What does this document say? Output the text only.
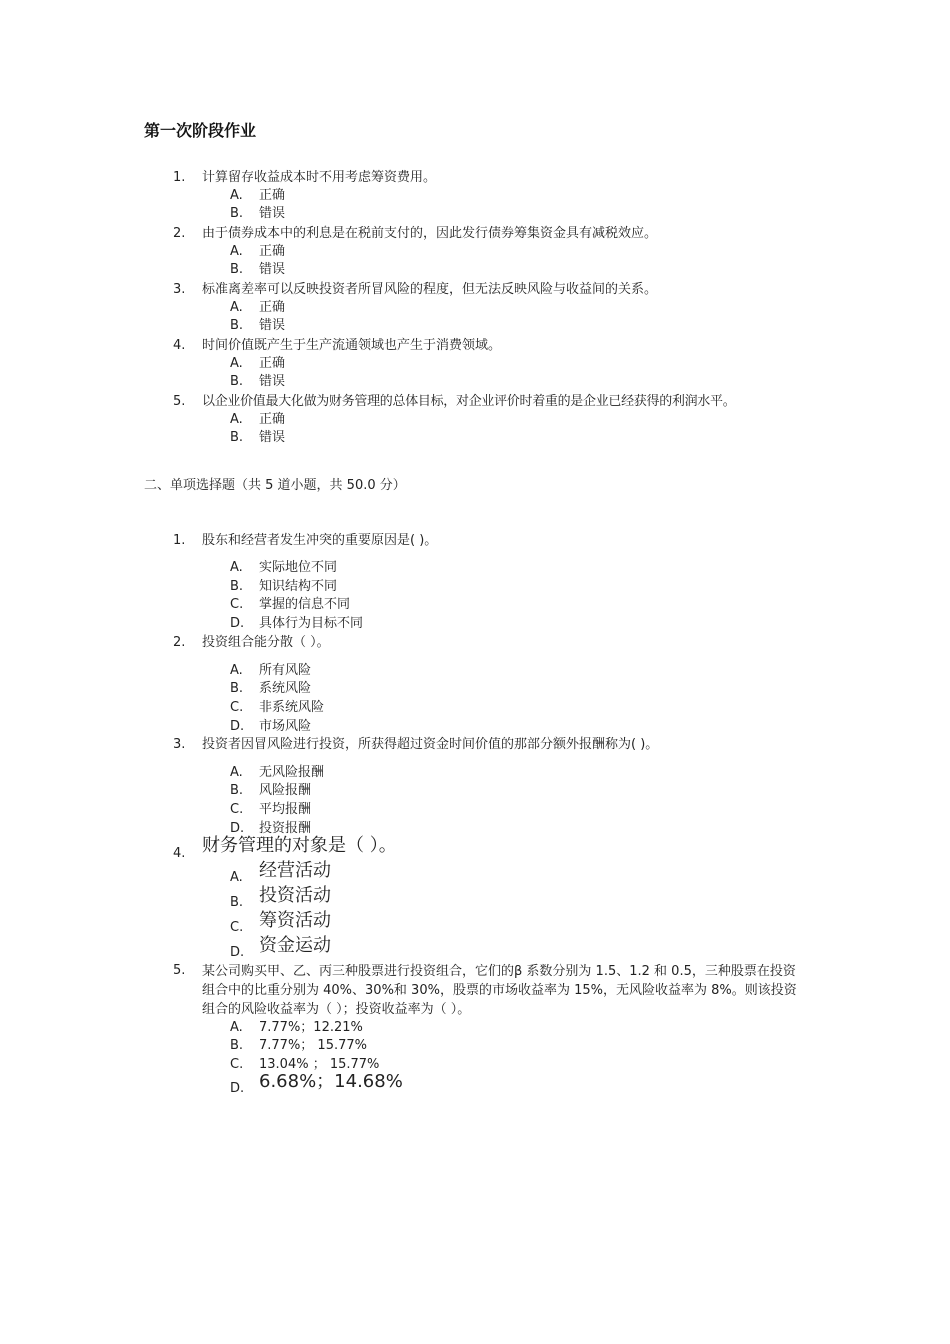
第一次阶段作业
1. 计算留存收益成本时不用考虑筹资费用。
A. 正确
B. 错误
2. 由于债券成本中的利息是在税前支付的，因此发行债券筹集资金具有减税效应。
A. 正确
B. 错误
3. 标准离差率可以反映投资者所冒风险的程度，但无法反映风险与收益间的关系。
A. 正确
B. 错误
4. 时间价值既产生于生产流通领域也产生于消费领域。
A. 正确
B. 错误
5. 以企业价值最大化做为财务管理的总体目标，对企业评价时着重的是企业已经获得的利润水平。
A. 正确
B. 错误
二、单项选择题（共 5 道小题，共 50.0 分）
1. 股东和经营者发生冲突的重要原因是( )。
A. 实际地位不同
B. 知识结构不同
C. 掌握的信息不同
D. 具体行为目标不同
2. 投资组合能分散（ ）。
A. 所有风险
B. 系统风险
C. 非系统风险
D. 市场风险
3. 投资者因冒风险进行投资，所获得超过资金时间价值的那部分额外报酬称为( )。
A. 无风险报酬
B. 风险报酬
C. 平均报酬
D. 投资报酬
4. 财务管理的对象是（ ）。
A. 经营活动
B. 投资活动
C. 筹资活动
D. 资金运动
5. 某公司购买甲、乙、丙三种股票进行投资组合，它们的β 系数分别为 1.5、1.2 和 0.5，三种股票在投资组合中的比重分别为 40%、30%和 30%，股票的市场收益率为 15%，无风险收益率为 8%。则该投资组合的风险收益率为（ ）；投资收益率为（ ）。
A. 7.77%；12.21%
B. 7.77%； 15.77%
C. 13.04% ； 15.77%
D. 6.68%；14.68%
